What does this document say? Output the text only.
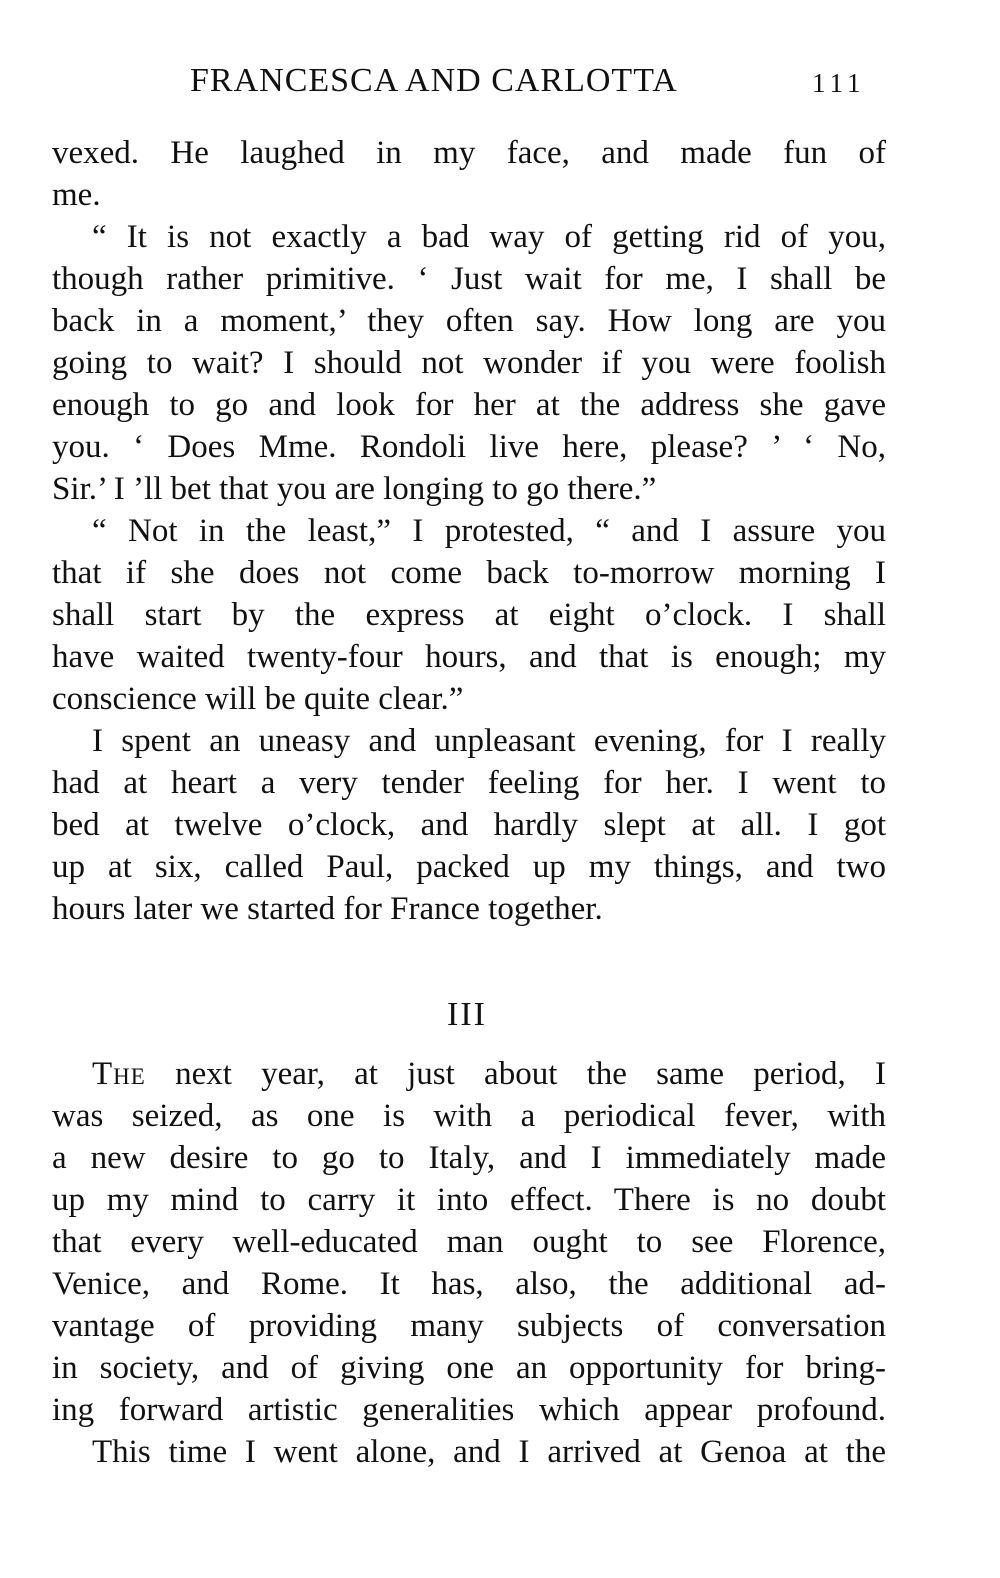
FRANCESCA AND CARLOTTA	111
vexed. He laughed in my face, and made fun of
me.
“ It is not exactly a bad way of getting rid of you,
though rather primitive. ‘ Just wait for me, I shall be
back in a moment,’ they often say. How long are you
going to wait? I should not wonder if you were foolish
enough to go and look for her at the address she gave
you. ‘ Does Mme. Rondoli live here, please? ’ ‘ No,
Sir.’ I ’ll bet that you are longing to go there.”
“ Not in the least,” I protested, “ and I assure you
that if she does not come back to-morrow morning I
shall start by the express at eight o’clock. I shall
have waited twenty-four hours, and that is enough; my
conscience will be quite clear.”
I spent an uneasy and unpleasant evening, for I really
had at heart a very tender feeling for her. I went to
bed at twelve o’clock, and hardly slept at all. I got
up at six, called Paul, packed up my things, and two
hours later we started for France together.
III
The next year, at just about the same period, I
was seized, as one is with a periodical fever, with
a new desire to go to Italy, and I immediately made
up my mind to carry it into effect. There is no doubt
that every well-educated man ought to see Florence,
Venice, and Rome. It has, also, the additional ad-
vantage of providing many subjects of conversation
in society, and of giving one an opportunity for bring-
ing forward artistic generalities which appear profound.
This time I went alone, and I arrived at Genoa at the
